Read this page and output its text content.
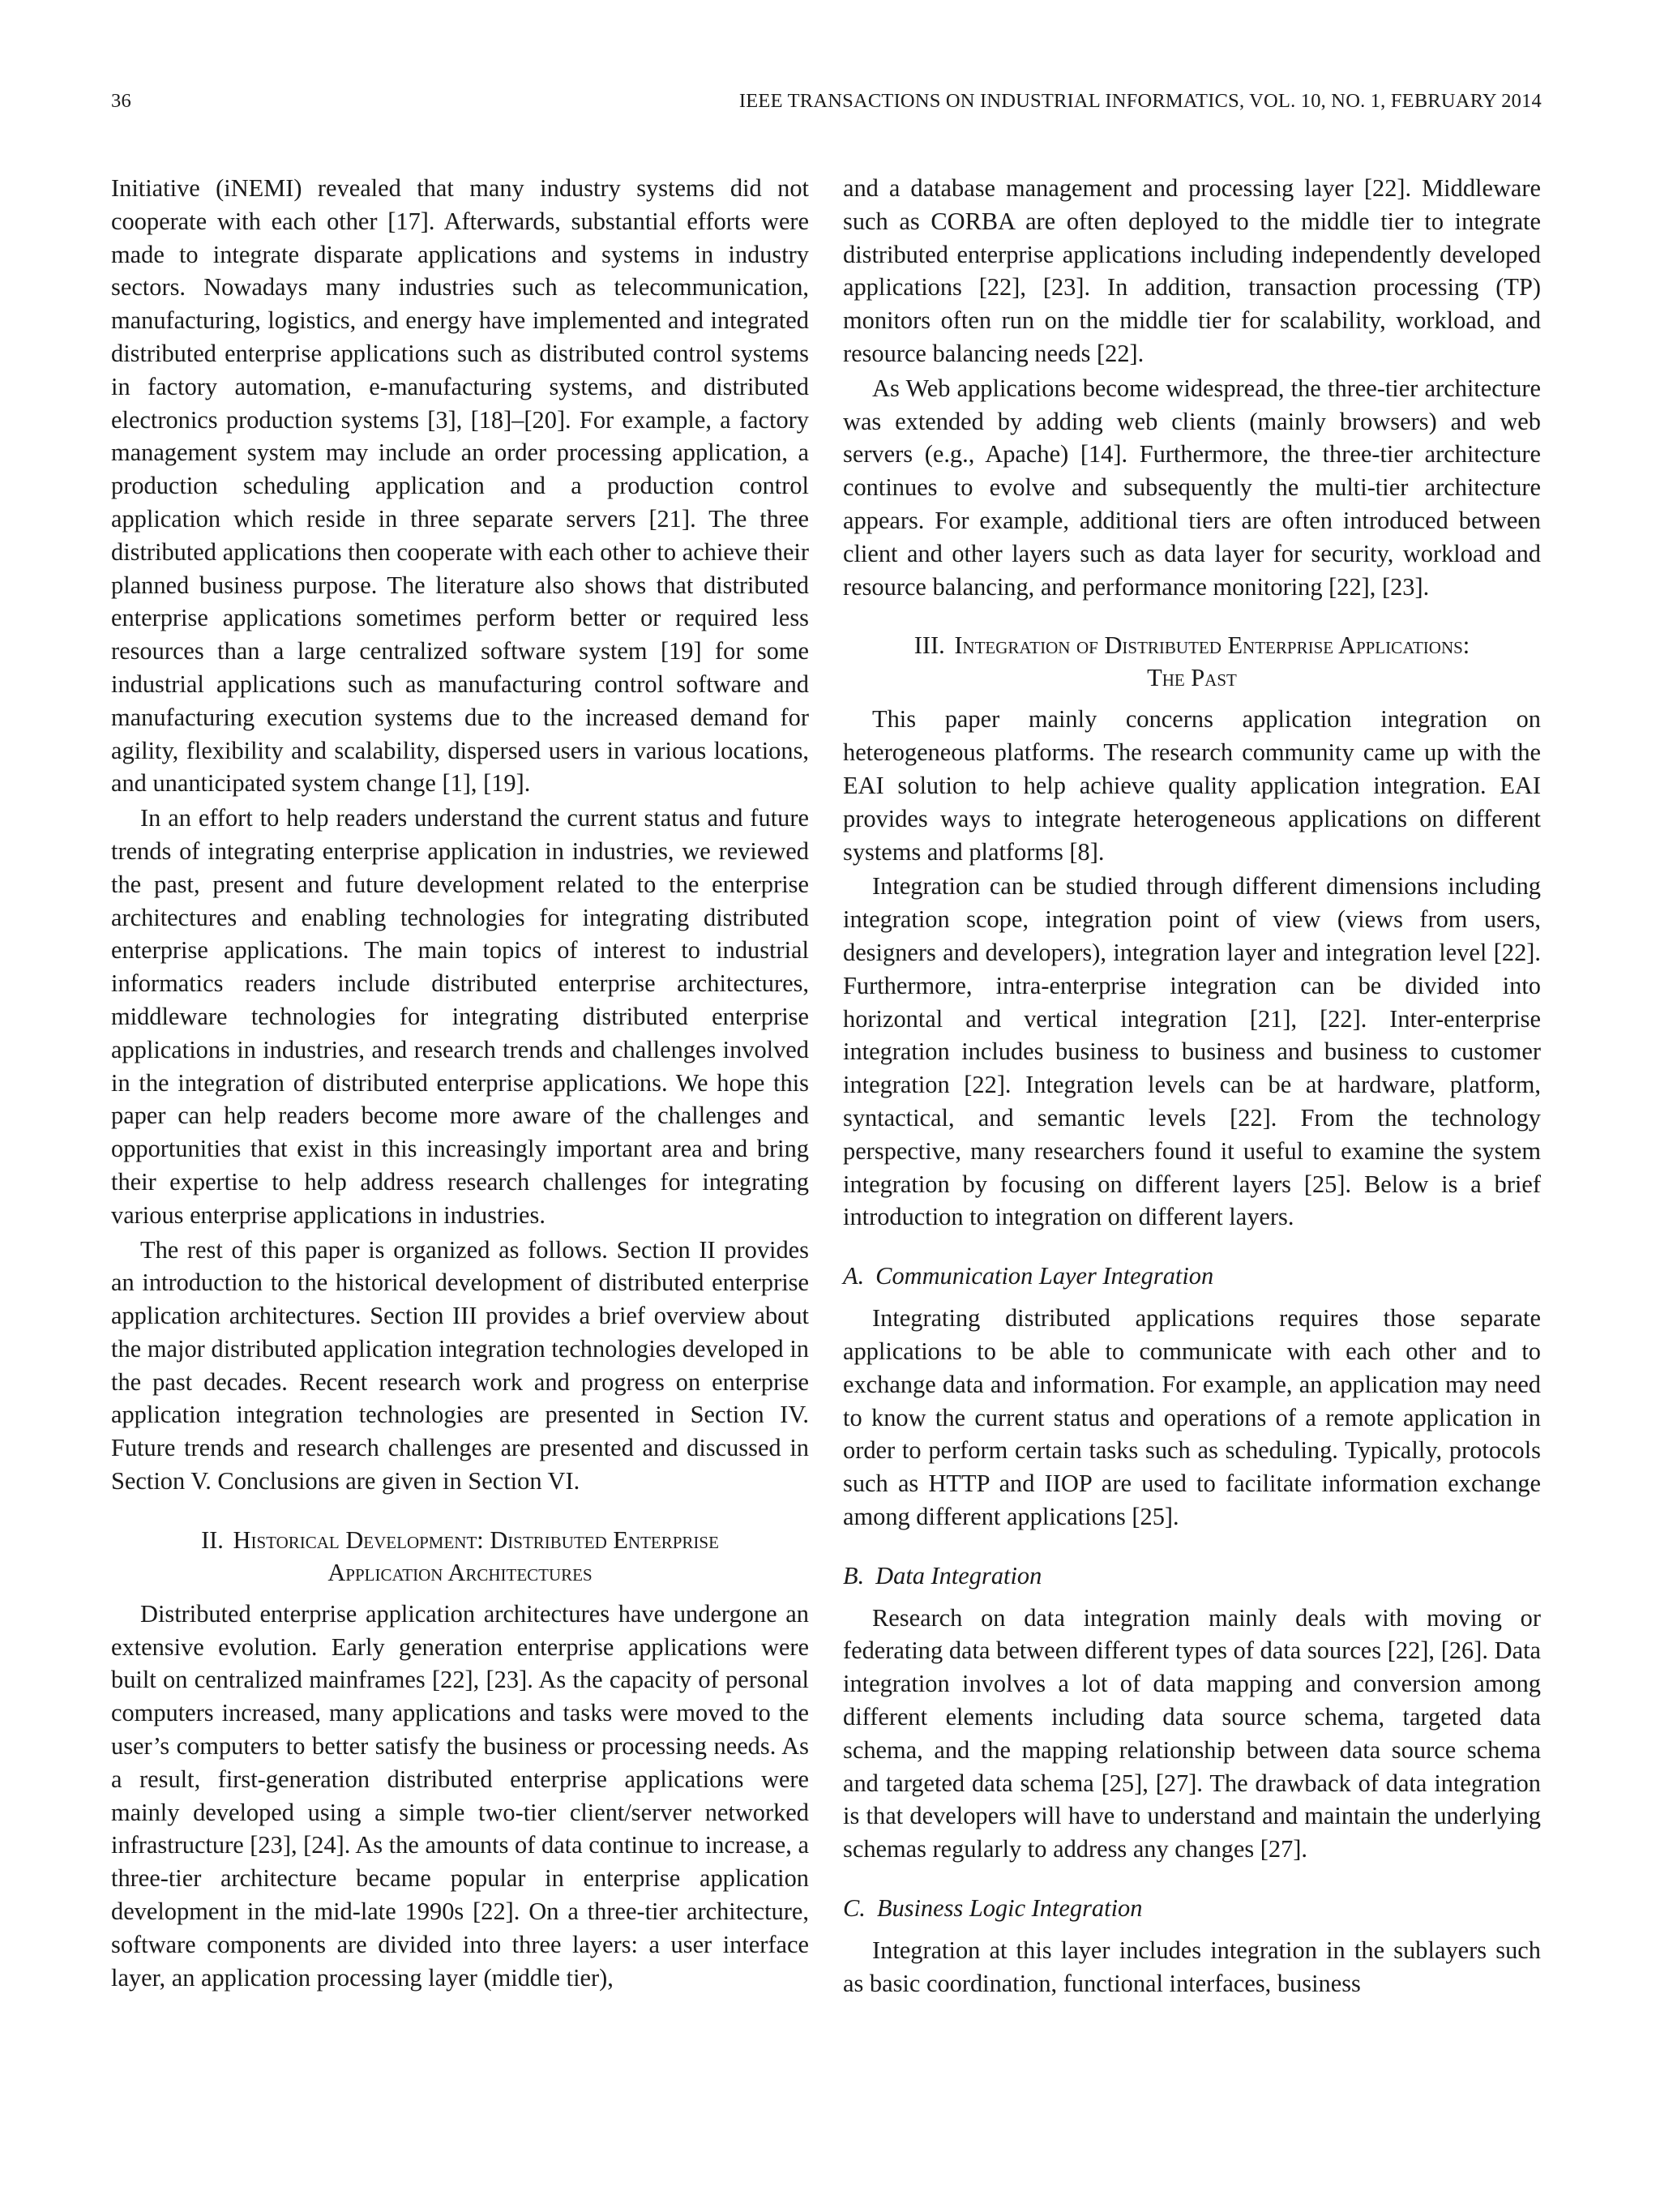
36	IEEE TRANSACTIONS ON INDUSTRIAL INFORMATICS, VOL. 10, NO. 1, FEBRUARY 2014

Initiative (iNEMI) revealed that many industry systems did not cooperate with each other [17]. Afterwards, substantial efforts were made to integrate disparate applications and systems in industry sectors. Nowadays many industries such as telecommunication, manufacturing, logistics, and energy have implemented and integrated distributed enterprise applications such as distributed control systems in factory automation, e-manufacturing systems, and distributed electronics production systems [3], [18]–[20]. For example, a factory management system may include an order processing application, a production scheduling application and a production control application which reside in three separate servers [21]. The three distributed applications then cooperate with each other to achieve their planned business purpose. The literature also shows that distributed enterprise applications sometimes perform better or required less resources than a large centralized software system [19] for some industrial applications such as manufacturing control software and manufacturing execution systems due to the increased demand for agility, flexibility and scalability, dispersed users in various locations, and unanticipated system change [1], [19].

In an effort to help readers understand the current status and future trends of integrating enterprise application in industries, we reviewed the past, present and future development related to the enterprise architectures and enabling technologies for integrating distributed enterprise applications. The main topics of interest to industrial informatics readers include distributed enterprise architectures, middleware technologies for integrating distributed enterprise applications in industries, and research trends and challenges involved in the integration of distributed enterprise applications. We hope this paper can help readers become more aware of the challenges and opportunities that exist in this increasingly important area and bring their expertise to help address research challenges for integrating various enterprise applications in industries.

The rest of this paper is organized as follows. Section II provides an introduction to the historical development of distributed enterprise application architectures. Section III provides a brief overview about the major distributed application integration technologies developed in the past decades. Recent research work and progress on enterprise application integration technologies are presented in Section IV. Future trends and research challenges are presented and discussed in Section V. Conclusions are given in Section VI.

II. Historical Development: Distributed Enterprise
Application Architectures

Distributed enterprise application architectures have undergone an extensive evolution. Early generation enterprise applications were built on centralized mainframes [22], [23]. As the capacity of personal computers increased, many applications and tasks were moved to the user’s computers to better satisfy the business or processing needs. As a result, first-generation distributed enterprise applications were mainly developed using a simple two-tier client/server networked infrastructure [23], [24]. As the amounts of data continue to increase, a three-tier architecture became popular in enterprise application development in the mid-late 1990s [22]. On a three-tier architecture, software components are divided into three layers: a user interface layer, an application processing layer (middle tier),

and a database management and processing layer [22]. Middleware such as CORBA are often deployed to the middle tier to integrate distributed enterprise applications including independently developed applications [22], [23]. In addition, transaction processing (TP) monitors often run on the middle tier for scalability, workload, and resource balancing needs [22].

As Web applications become widespread, the three-tier architecture was extended by adding web clients (mainly browsers) and web servers (e.g., Apache) [14]. Furthermore, the three-tier architecture continues to evolve and subsequently the multi-tier architecture appears. For example, additional tiers are often introduced between client and other layers such as data layer for security, workload and resource balancing, and performance monitoring [22], [23].

III. Integration of Distributed Enterprise Applications:
The Past

This paper mainly concerns application integration on heterogeneous platforms. The research community came up with the EAI solution to help achieve quality application integration. EAI provides ways to integrate heterogeneous applications on different systems and platforms [8].

Integration can be studied through different dimensions including integration scope, integration point of view (views from users, designers and developers), integration layer and integration level [22]. Furthermore, intra-enterprise integration can be divided into horizontal and vertical integration [21], [22]. Inter-enterprise integration includes business to business and business to customer integration [22]. Integration levels can be at hardware, platform, syntactical, and semantic levels [22]. From the technology perspective, many researchers found it useful to examine the system integration by focusing on different layers [25]. Below is a brief introduction to integration on different layers.

A. Communication Layer Integration

Integrating distributed applications requires those separate applications to be able to communicate with each other and to exchange data and information. For example, an application may need to know the current status and operations of a remote application in order to perform certain tasks such as scheduling. Typically, protocols such as HTTP and IIOP are used to facilitate information exchange among different applications [25].

B. Data Integration

Research on data integration mainly deals with moving or federating data between different types of data sources [22], [26]. Data integration involves a lot of data mapping and conversion among different elements including data source schema, targeted data schema, and the mapping relationship between data source schema and targeted data schema [25], [27]. The drawback of data integration is that developers will have to understand and maintain the underlying schemas regularly to address any changes [27].

C. Business Logic Integration

Integration at this layer includes integration in the sublayers such as basic coordination, functional interfaces, business
